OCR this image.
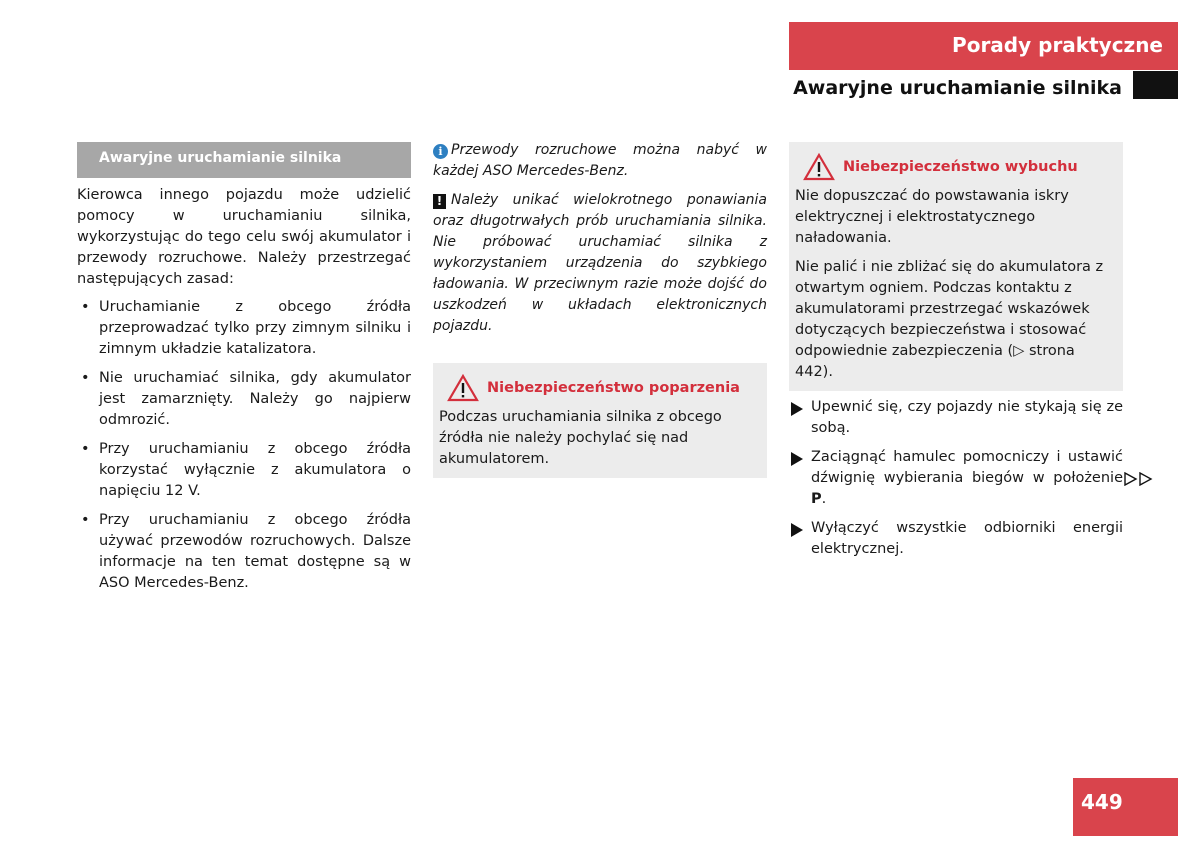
Porady praktyczne
Awaryjne uruchamianie silnika
Awaryjne uruchamianie silnika

Kierowca innego pojazdu może udzielić pomocy w uruchamianiu silnika, wykorzystując do tego celu swój akumulator i przewody rozruchowe. Należy przestrzegać następujących zasad:

• Uruchamianie z obcego źródła przeprowadzać tylko przy zimnym silniku i zimnym układzie katalizatora.
• Nie uruchamiać silnika, gdy akumulator jest zamarznięty. Należy go najpierw odmrozić.
• Przy uruchamianiu z obcego źródła korzystać wyłącznie z akumulatora o napięciu 12 V.
• Przy uruchamianiu z obcego źródła używać przewodów rozruchowych. Dalsze informacje na ten temat dostępne są w ASO Mercedes-Benz.

i Przewody rozruchowe można nabyć w każdej ASO Mercedes-Benz.

! Należy unikać wielokrotnego ponawiania oraz długotrwałych prób uruchamiania silnika. Nie próbować uruchamiać silnika z wykorzystaniem urządzenia do szybkiego ładowania. W przeciwnym razie może dojść do uszkodzeń w układach elektronicznych pojazdu.

Niebezpieczeństwo poparzenia

Podczas uruchamiania silnika z obcego źródła nie należy pochylać się nad akumulatorem.

Niebezpieczeństwo wybuchu

Nie dopuszczać do powstawania iskry elektrycznej i elektrostatycznego naładowania.

Nie palić i nie zbliżać się do akumulatora z otwartym ogniem. Podczas kontaktu z akumulatorami przestrzegać wskazówek dotyczących bezpieczeństwa i stosować odpowiednie zabezpieczenia (▷ strona 442).

Upewnić się, czy pojazdy nie stykają się ze sobą.
Zaciągnąć hamulec pomocniczy i ustawić dźwignię wybierania biegów w położenie P.
Wyłączyć wszystkie odbiorniki energii elektrycznej.
449
